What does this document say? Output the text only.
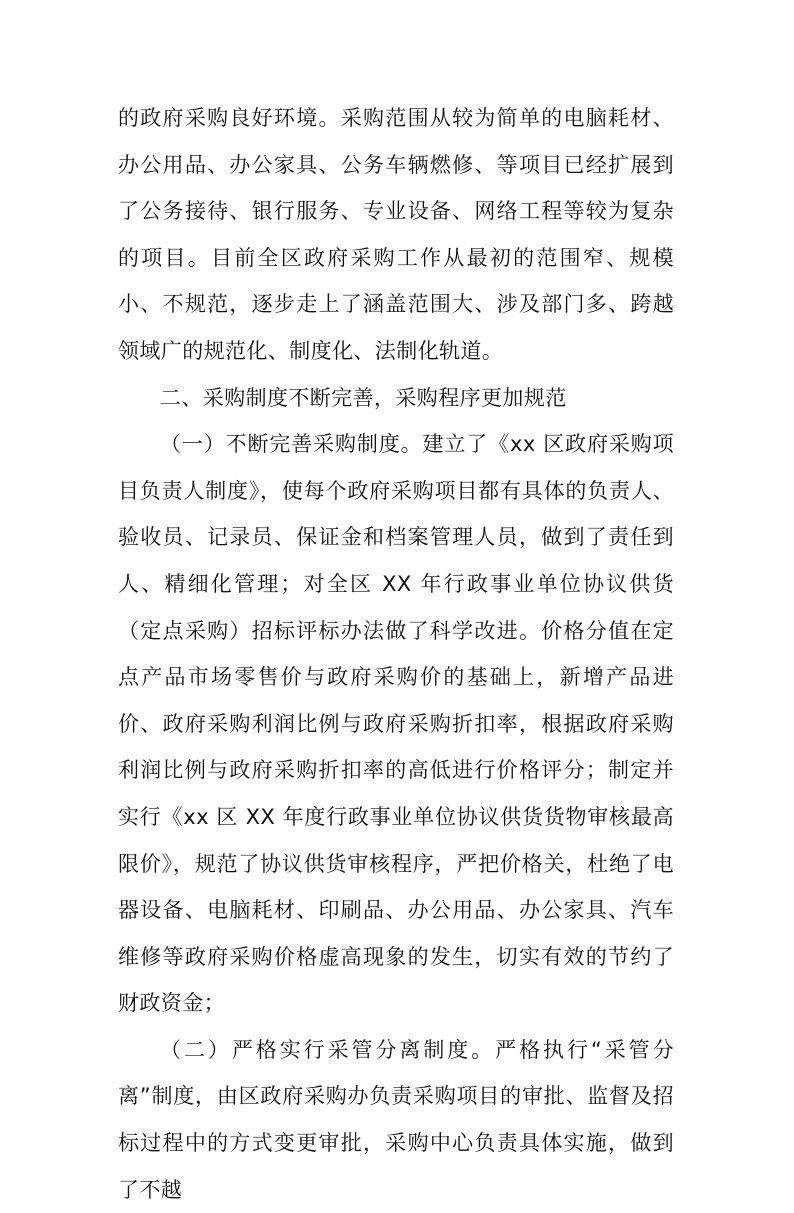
的政府采购良好环境。采购范围从较为简单的电脑耗材、办公用品、办公家具、公务车辆燃修、等项目已经扩展到了公务接待、银行服务、专业设备、网络工程等较为复杂的项目。目前全区政府采购工作从最初的范围窄、规模小、不规范，逐步走上了涵盖范围大、涉及部门多、跨越领域广的规范化、制度化、法制化轨道。

二、采购制度不断完善，采购程序更加规范

（一）不断完善采购制度。建立了《xx 区政府采购项目负责人制度》，使每个政府采购项目都有具体的负责人、验收员、记录员、保证金和档案管理人员，做到了责任到人、精细化管理；对全区 XX 年行政事业单位协议供货（定点采购）招标评标办法做了科学改进。价格分值在定点产品市场零售价与政府采购价的基础上，新增产品进价、政府采购利润比例与政府采购折扣率，根据政府采购利润比例与政府采购折扣率的高低进行价格评分；制定并实行《xx 区 XX 年度行政事业单位协议供货货物审核最高限价》，规范了协议供货审核程序，严把价格关，杜绝了电器设备、电脑耗材、印刷品、办公用品、办公家具、汽车维修等政府采购价格虚高现象的发生，切实有效的节约了财政资金；

（二）严格实行采管分离制度。严格执行“采管分离”制度，由区政府采购办负责采购项目的审批、监督及招标过程中的方式变更审批，采购中心负责具体实施，做到了不越
